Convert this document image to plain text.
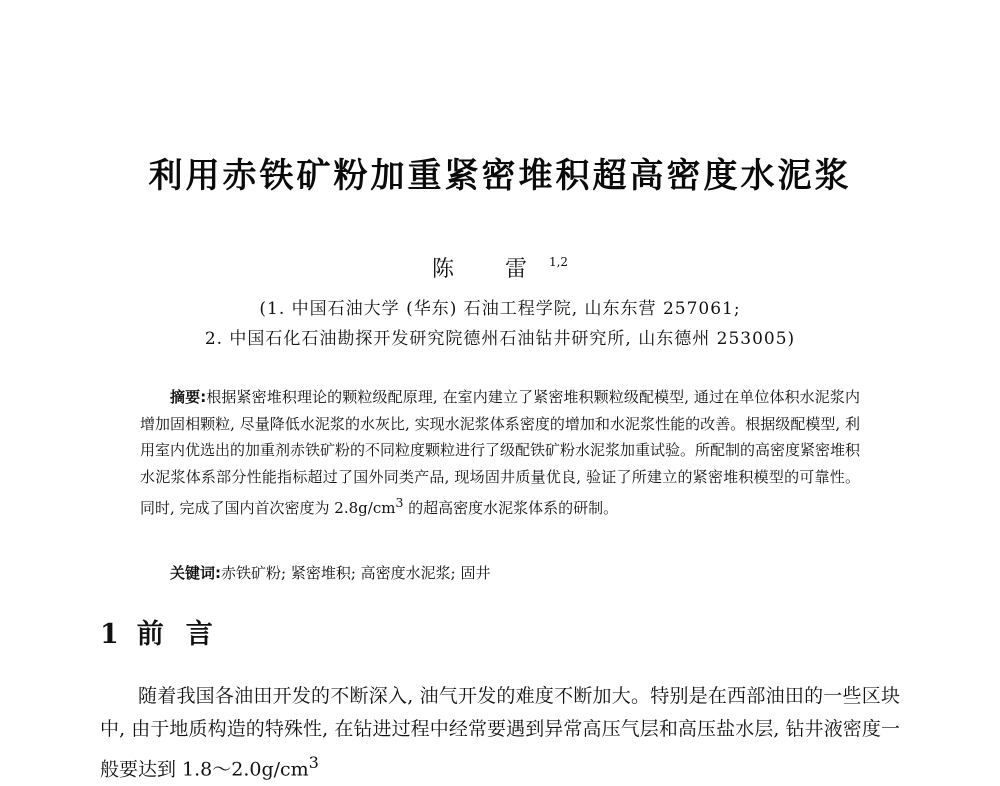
利用赤铁矿粉加重紧密堆积超高密度水泥浆
陈 雷$^{1,2}$
(1. 中国石油大学 (华东) 石油工程学院, 山东东营 257061;
2. 中国石化石油勘探开发研究院德州石油钻井研究所, 山东德州 253005)
摘要:根据紧密堆积理论的颗粒级配原理, 在室内建立了紧密堆积颗粒级配模型, 通过在单位体积水泥浆内增加固相颗粒, 尽量降低水泥浆的水灰比, 实现水泥浆体系密度的增加和水泥浆性能的改善。根据级配模型, 利用室内优选出的加重剂赤铁矿粉的不同粒度颗粒进行了级配铁矿粉水泥浆加重试验。所配制的高密度紧密堆积水泥浆体系部分性能指标超过了国外同类产品, 现场固井质量优良, 验证了所建立的紧密堆积模型的可靠性。同时, 完成了国内首次密度为 $2.8g/cm^3$ 的超高密度水泥浆体系的研制。
关键词:赤铁矿粉; 紧密堆积; 高密度水泥浆; 固井
1 前言
随着我国各油田开发的不断深入, 油气开发的难度不断加大。特别是在西部油田的一些区块中, 由于地质构造的特殊性, 在钻进过程中经常要遇到异常高压气层和高压盐水层, 钻井液密度一般要达到 $1.8\sim 2.0g/cm^3$
